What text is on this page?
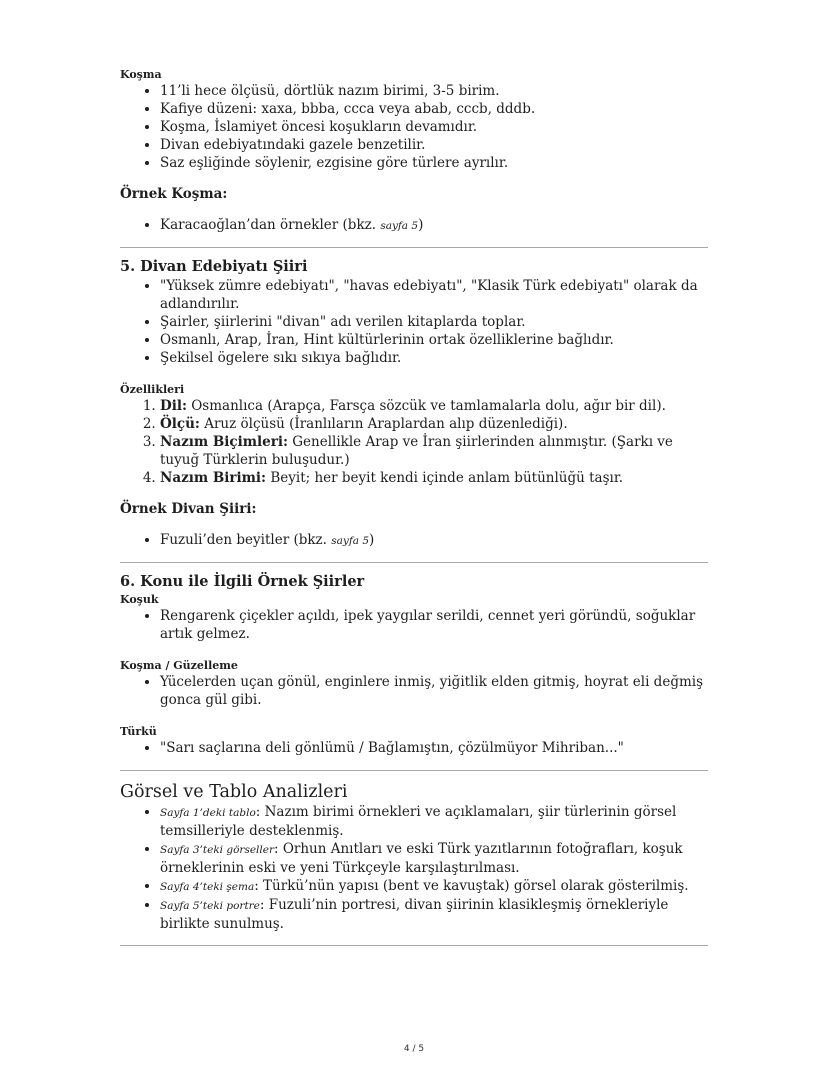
Koşma
• 11’li hece ölçüsü, dörtlük nazım birimi, 3-5 birim.
• Kafiye düzeni: xaxa, bbba, ccca veya abab, cccb, dddb.
• Koşma, İslamiyet öncesi koşukların devamıdır.
• Divan edebiyatındaki gazele benzetilir.
• Saz eşliğinde söylenir, ezgisine göre türlere ayrılır.
Örnek Koşma:
• Karacaoğlan’dan örnekler (bkz. sayfa 5)
5. Divan Edebiyatı Şiiri
• "Yüksek zümre edebiyatı", "havas edebiyatı", "Klasik Türk edebiyatı" olarak da adlandırılır.
• Şairler, şiirlerini "divan" adı verilen kitaplarda toplar.
• Osmanlı, Arap, İran, Hint kültürlerinin ortak özelliklerine bağlıdır.
• Şekilsel ögelere sıkı sıkıya bağlıdır.
Özellikleri
1. Dil: Osmanlıca (Arapça, Farsça sözcük ve tamlamalarla dolu, ağır bir dil).
2. Ölçü: Aruz ölçüsü (İranlıların Araplardan alıp düzenlediği).
3. Nazım Biçimleri: Genellikle Arap ve İran şiirlerinden alınmıştır. (Şarkı ve tuyuğ Türklerin buluşudur.)
4. Nazım Birimi: Beyit; her beyit kendi içinde anlam bütünlüğü taşır.
Örnek Divan Şiiri:
• Fuzuli’den beyitler (bkz. sayfa 5)
6. Konu ile İlgili Örnek Şiirler
Koşuk
• Rengarenk çiçekler açıldı, ipek yaygılar serildi, cennet yeri göründü, soğuklar artık gelmez.
Koşma / Güzelleme
• Yücelerden uçan gönül, enginlere inmiş, yiğitlik elden gitmiş, hoyrat eli değmiş gonca gül gibi.
Türkü
• "Sarı saçlarına deli gönlümü / Bağlamıştın, çözülmüyor Mihriban..."
Görsel ve Tablo Analizleri
• Sayfa 1’deki tablo: Nazım birimi örnekleri ve açıklamaları, şiir türlerinin görsel temsilleriyle desteklenmiş.
• Sayfa 3’teki görseller: Orhun Anıtları ve eski Türk yazıtlarının fotoğrafları, koşuk örneklerinin eski ve yeni Türkçeyle karşılaştırılması.
• Sayfa 4’teki şema: Türkü’nün yapısı (bent ve kavuştak) görsel olarak gösterilmiş.
• Sayfa 5’teki portre: Fuzuli’nin portresi, divan şiirinin klasikleşmiş örnekleriyle birlikte sunulmuş.
4 / 5
